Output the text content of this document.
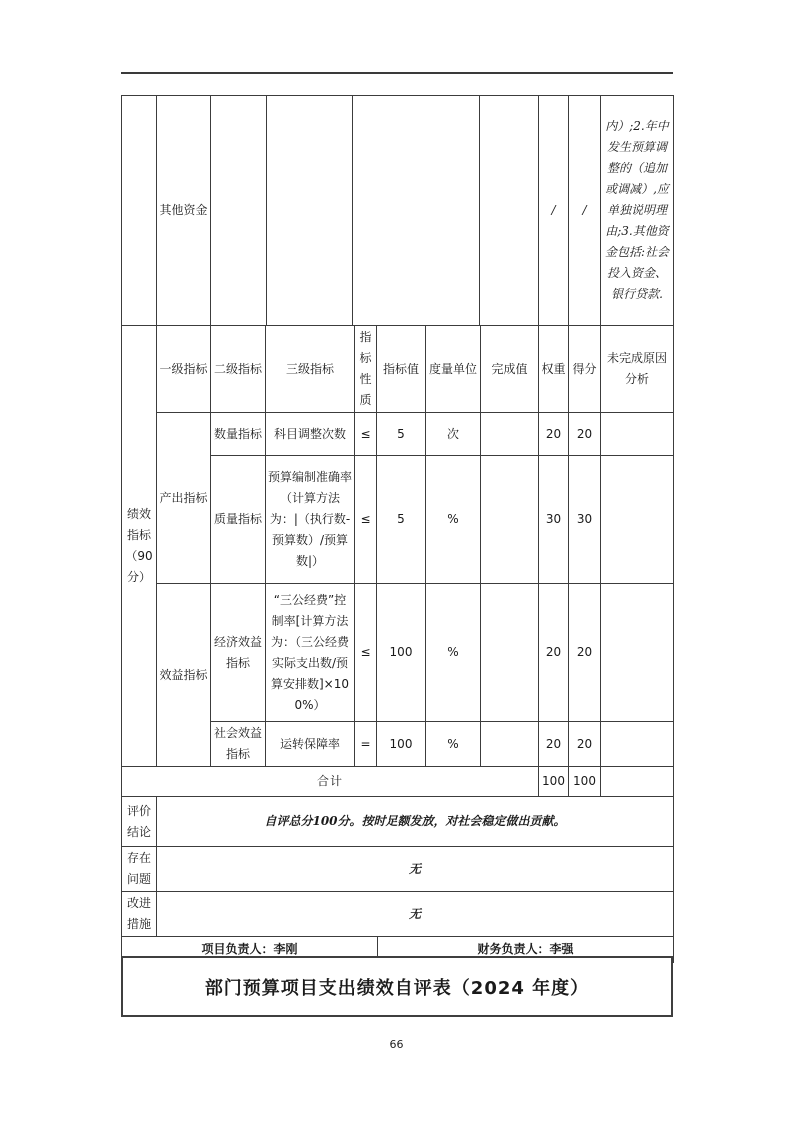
	其他资金					/	/	内）;2.年中发生预算调整的（追加或调减）,应单独说明理由;3.其他资金包括:社会投入资金、银行贷款.
绩效指标（90分）	一级指标	二级指标	三级指标	指标性质	指标值	度量单位	完成值	权重	得分	未完成原因分析
	产出指标	数量指标	科目调整次数	≤	5	次		20	20	
		质量指标	预算编制准确率（计算方法为：|（执行数-预算数）/预算数|）	≤	5	%		30	30	
	效益指标	经济效益指标	“三公经费”控制率[计算方法为：（三公经费实际支出数/预算安排数]×100%）	≤	100	%		20	20	
		社会效益指标	运转保障率	=	100	%		20	20	
合计								100	100	
评价结论	自评总分100分。按时足额发放，对社会稳定做出贡献。
存在问题	无
改进措施	无
项目负责人：李刚	财务负责人：李强
部门预算项目支出绩效自评表（2024 年度）
66
